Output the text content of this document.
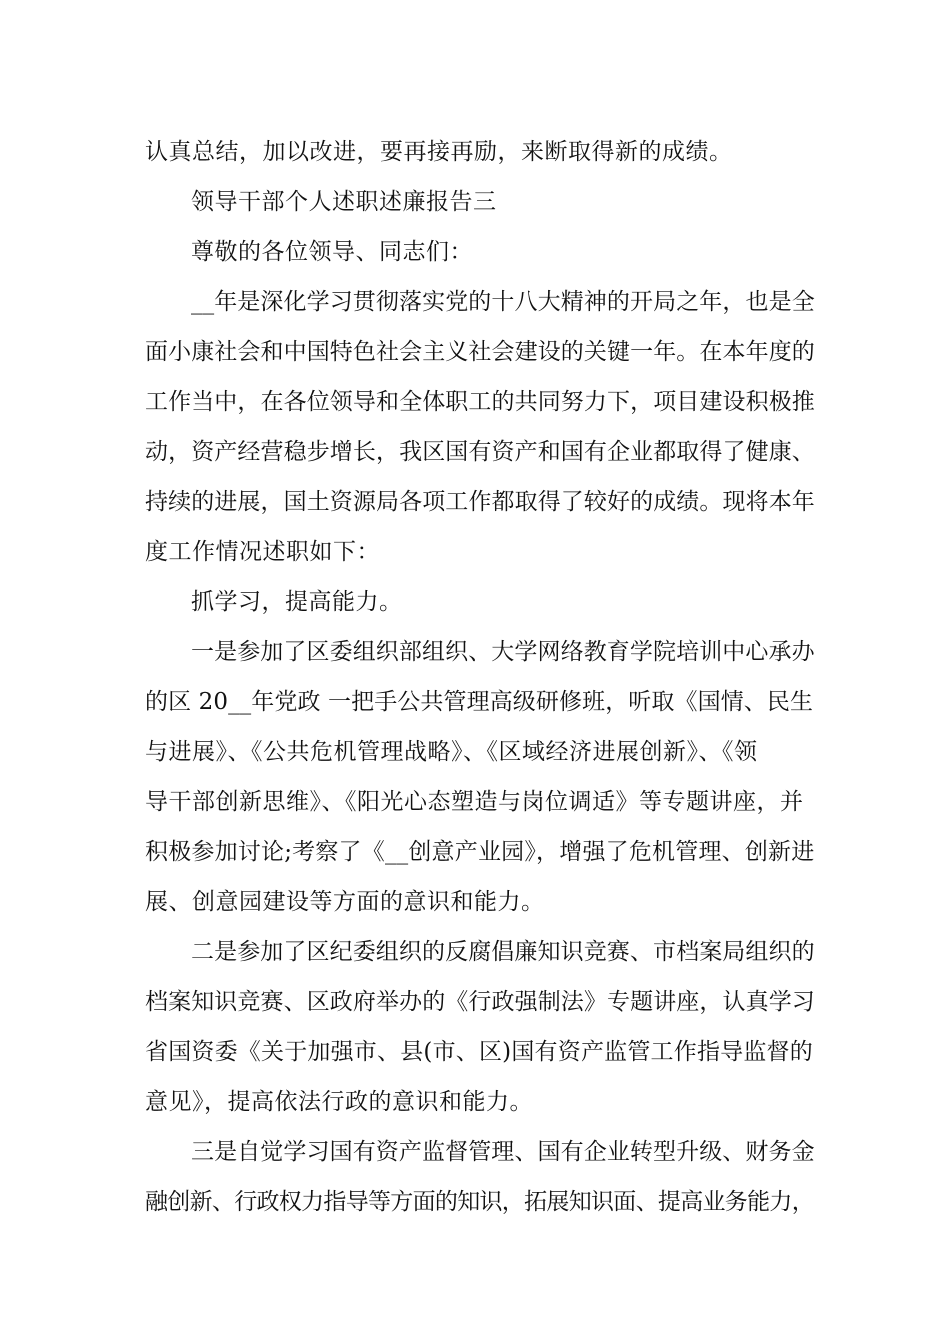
认真总结，加以改进，要再接再励，来断取得新的成绩。
领导干部个人述职述廉报告三
尊敬的各位领导、同志们：
__年是深化学习贯彻落实党的十八大精神的开局之年，也是全
面小康社会和中国特色社会主义社会建设的关键一年。在本年度的
工作当中，在各位领导和全体职工的共同努力下，项目建设积极推
动，资产经营稳步增长，我区国有资产和国有企业都取得了健康、
持续的进展，国土资源局各项工作都取得了较好的成绩。现将本年
度工作情况述职如下：
抓学习，提高能力。
一是参加了区委组织部组织、大学网络教育学院培训中心承办
的区 20__年党政 一把手公共管理高级研修班，听取《国情、民生
与进展》、《公共危机管理战略》、《区域经济进展创新》、《领
导干部创新思维》、《阳光心态塑造与岗位调适》等专题讲座，并
积极参加讨论;考察了《__创意产业园》，增强了危机管理、创新进
展、创意园建设等方面的意识和能力。
二是参加了区纪委组织的反腐倡廉知识竞赛、市档案局组织的
档案知识竞赛、区政府举办的《行政强制法》专题讲座，认真学习
省国资委《关于加强市、县(市、区)国有资产监管工作指导监督的
意见》，提高依法行政的意识和能力。
三是自觉学习国有资产监督管理、国有企业转型升级、财务金
融创新、行政权力指导等方面的知识，拓展知识面、提高业务能力，
